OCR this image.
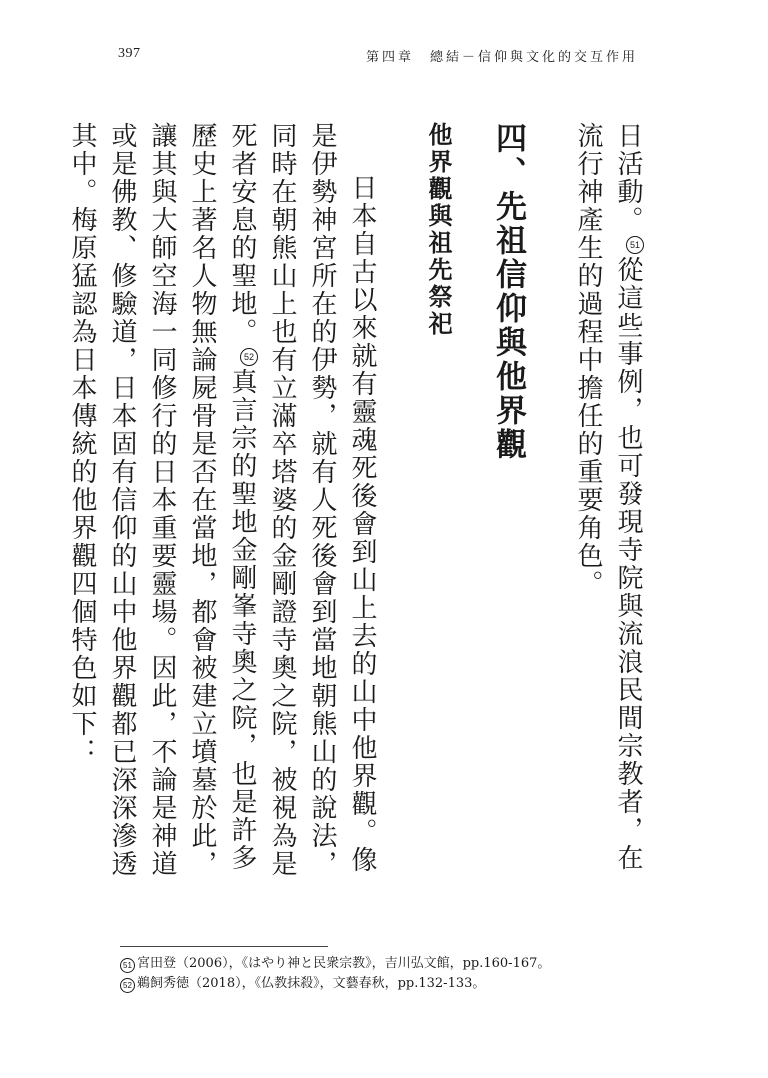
397	第四章 總結－信仰與文化的交互作用
日活動。51從這些事例，也可發現寺院與流浪民間宗教者，在流行神產生的過程中擔任的重要角色。
四、先祖信仰與他界觀
他界觀與祖先祭祀
日本自古以來就有靈魂死後會到山上去的山中他界觀。像是伊勢神宮所在的伊勢，就有人死後會到當地朝熊山的說法，同時在朝熊山上也有立滿卒塔婆的金剛證寺奧之院，被視為是死者安息的聖地。52真言宗的聖地金剛峯寺奧之院，也是許多歷史上著名人物無論屍骨是否在當地，都會被建立墳墓於此，讓其與大師空海一同修行的日本重要靈場。因此，不論是神道或是佛教、修驗道，日本固有信仰的山中他界觀都已深深滲透其中。梅原猛認為日本傳統的他界觀四個特色如下：
51 宮田登（2006），《はやり神と民衆宗教》，吉川弘文館，pp.160-167。
52 鵜飼秀徳（2018），《仏教抹殺》，文藝春秋，pp.132-133。
